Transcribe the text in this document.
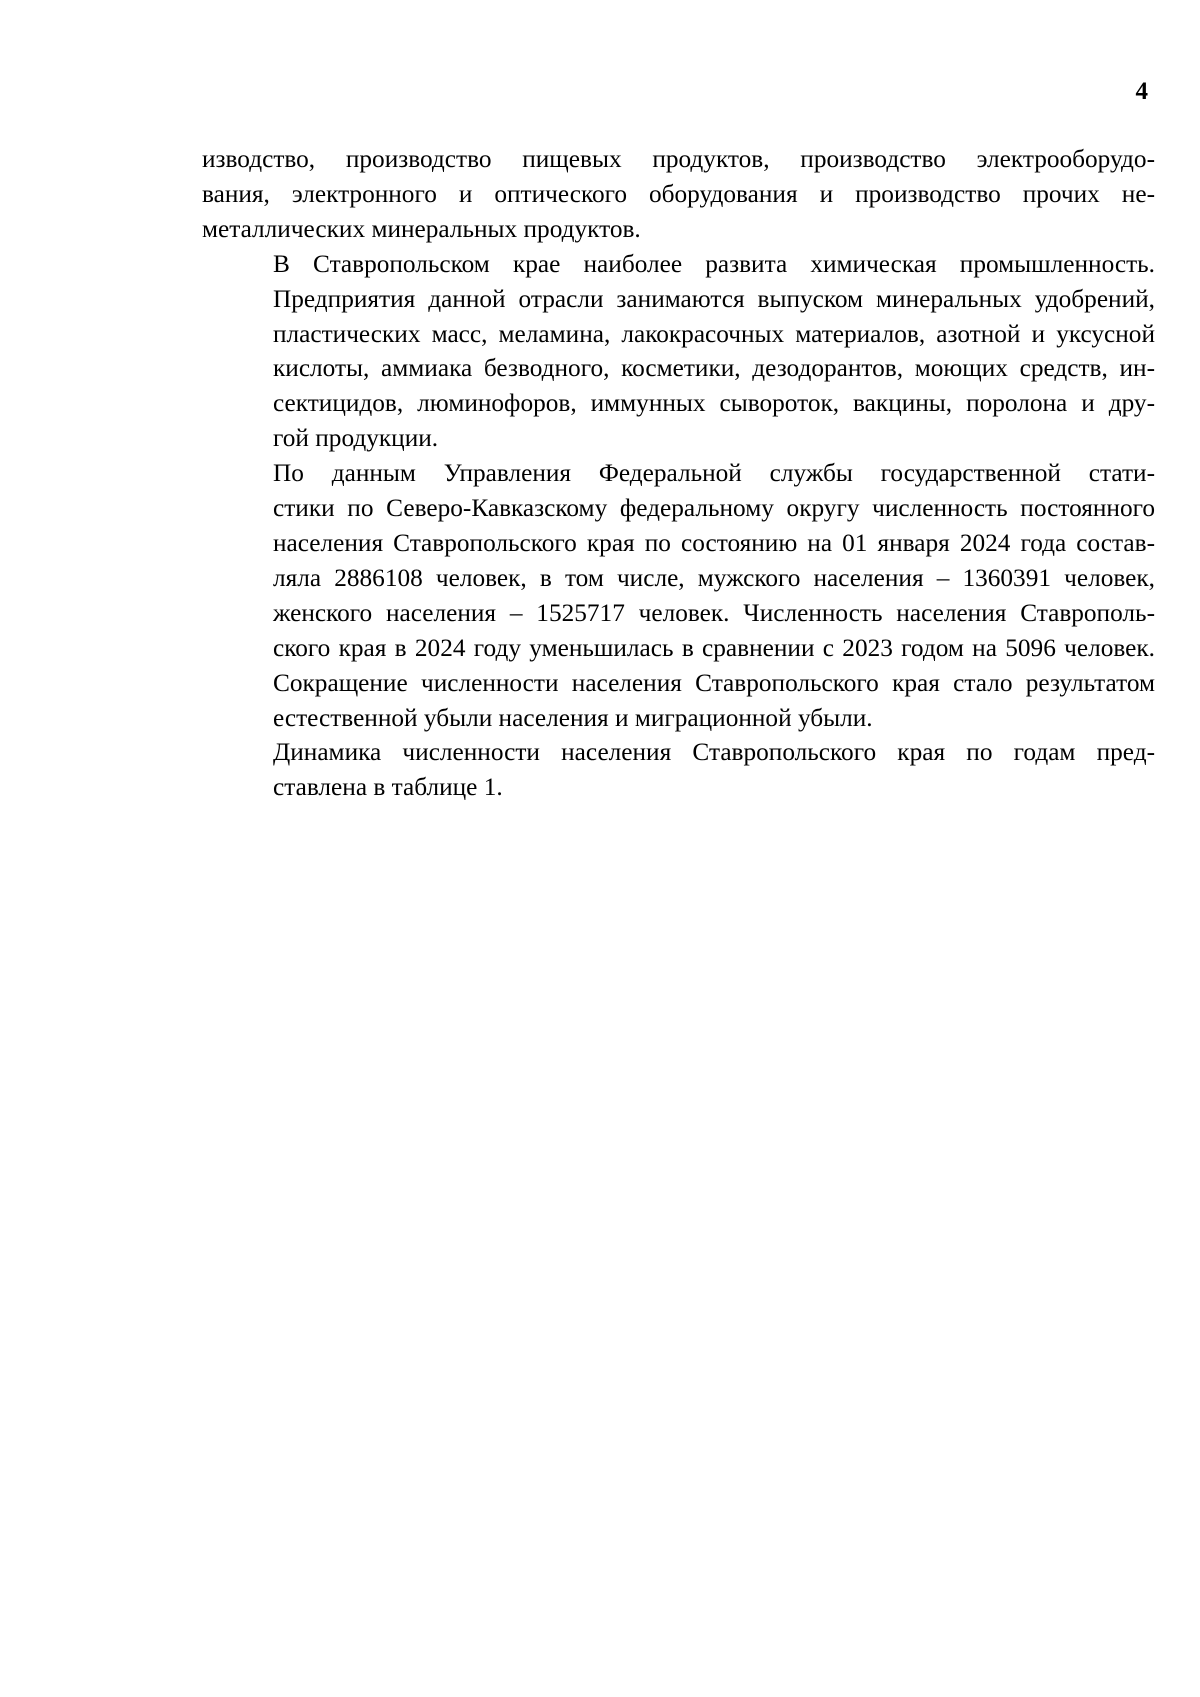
4

изводство, производство пищевых продуктов, производство электрооборудо-
вания, электронного и оптического оборудования и производство прочих не-
металлических минеральных продуктов.

В Ставропольском крае наиболее развита химическая промышленность.
Предприятия данной отрасли занимаются выпуском минеральных удобрений,
пластических масс, меламина, лакокрасочных материалов, азотной и уксусной
кислоты, аммиака безводного, косметики, дезодорантов, моющих средств, ин-
сектицидов, люминофоров, иммунных сывороток, вакцины, поролона и дру-
гой продукции.

По данным Управления Федеральной службы государственной стати-
стики по Северо-Кавказскому федеральному округу численность постоянного
населения Ставропольского края по состоянию на 01 января 2024 года состав-
ляла 2886108 человек, в том числе, мужского населения – 1360391 человек,
женского населения – 1525717 человек. Численность населения Ставрополь-
ского края в 2024 году уменьшилась в сравнении с 2023 годом на 5096 человек.
Сокращение численности населения Ставропольского края стало результатом
естественной убыли населения и миграционной убыли.

Динамика численности населения Ставропольского края по годам пред-
ставлена в таблице 1.
